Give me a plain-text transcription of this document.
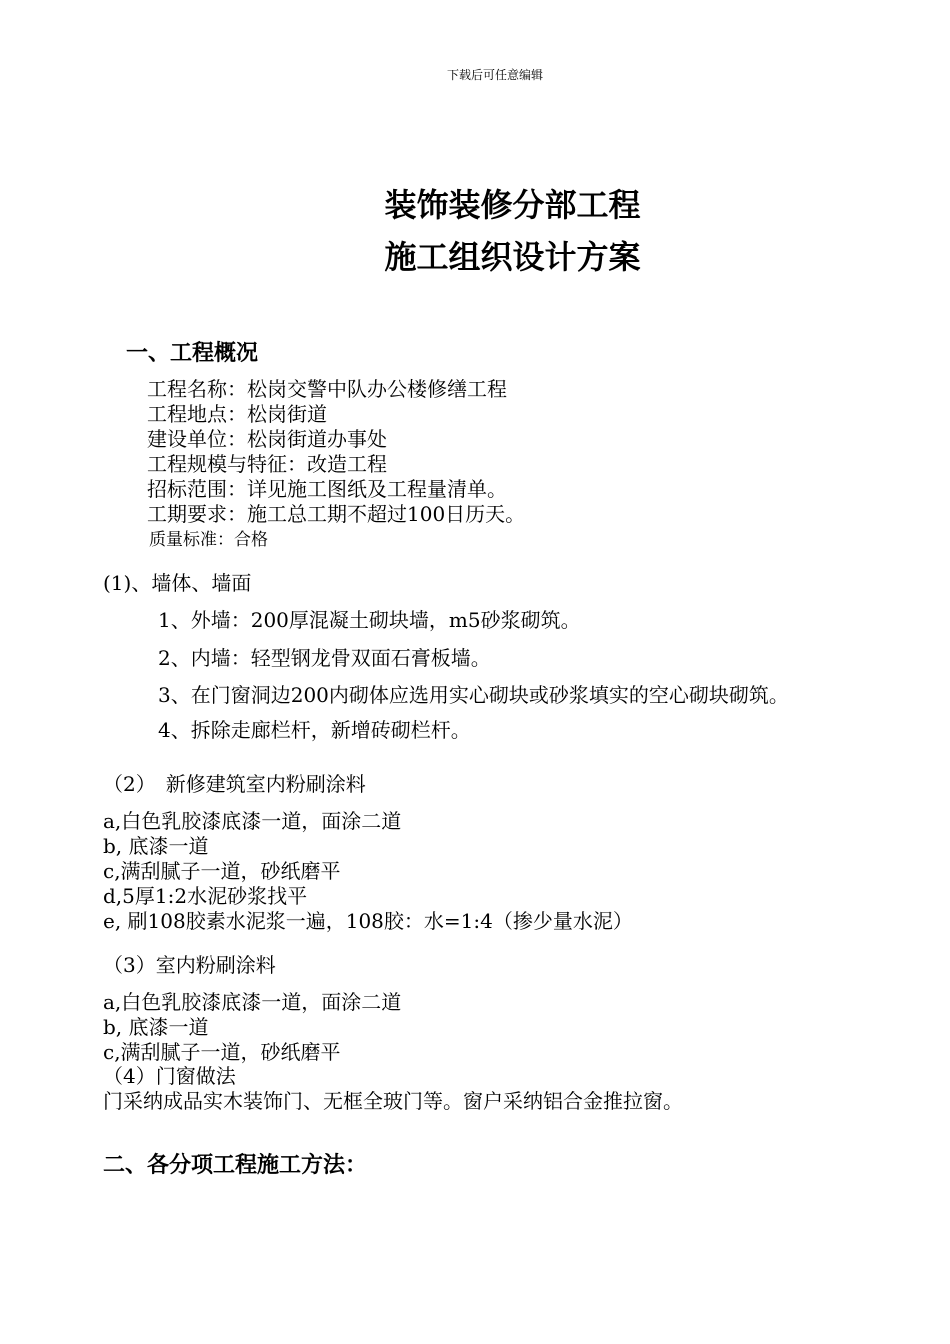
下载后可任意编辑
装饰装修分部工程
施工组织设计方案
一、工程概况
工程名称：松岗交警中队办公楼修缮工程
工程地点：松岗街道
建设单位：松岗街道办事处
工程规模与特征：改造工程
招标范围：详见施工图纸及工程量清单。
工期要求：施工总工期不超过100日历天。
质量标准：合格
(1)、墙体、墙面
1、外墙：200厚混凝土砌块墙，m5砂浆砌筑。
2、内墙：轻型钢龙骨双面石膏板墙。
3、在门窗洞边200内砌体应选用实心砌块或砂浆填实的空心砌块砌筑。
4、拆除走廊栏杆，新增砖砌栏杆。
（2）　新修建筑室内粉刷涂料
a,白色乳胶漆底漆一道，面涂二道
b, 底漆一道
c,满刮腻子一道，砂纸磨平
d,5厚1:2水泥砂浆找平
e, 刷108胶素水泥浆一遍，108胶：水=1:4（掺少量水泥）
（3）室内粉刷涂料
a,白色乳胶漆底漆一道，面涂二道
b, 底漆一道
c,满刮腻子一道，砂纸磨平
（4）门窗做法
门采纳成品实木装饰门、无框全玻门等。窗户采纳铝合金推拉窗。
二、各分项工程施工方法：
